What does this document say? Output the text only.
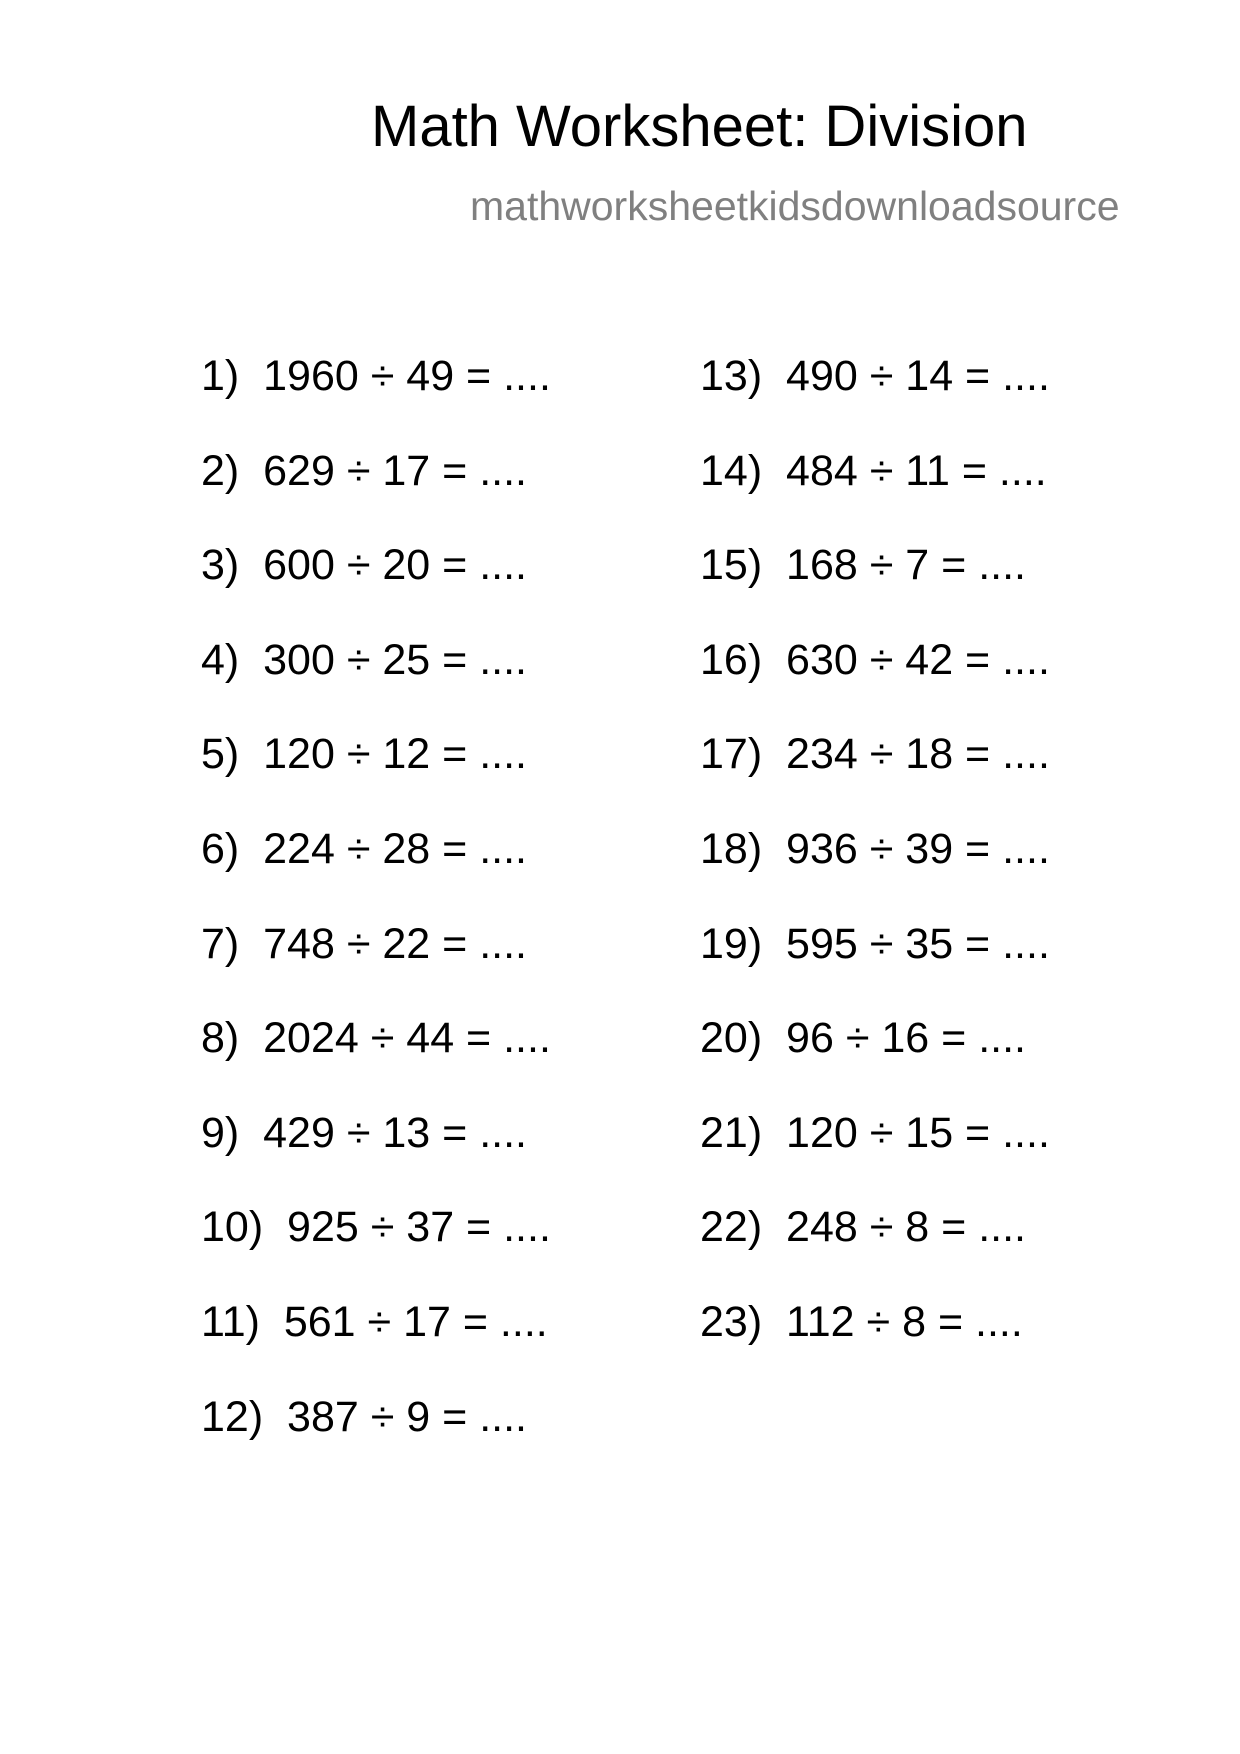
Math Worksheet: Division
mathworksheetkidsdownloadsource
1)  1960 ÷ 49 = ....
2)  629 ÷ 17 = ....
3)  600 ÷ 20 = ....
4)  300 ÷ 25 = ....
5)  120 ÷ 12 = ....
6)  224 ÷ 28 = ....
7)  748 ÷ 22 = ....
8)  2024 ÷ 44 = ....
9)  429 ÷ 13 = ....
10)  925 ÷ 37 = ....
11)  561 ÷ 17 = ....
12)  387 ÷ 9 = ....
13)  490 ÷ 14 = ....
14)  484 ÷ 11 = ....
15)  168 ÷ 7 = ....
16)  630 ÷ 42 = ....
17)  234 ÷ 18 = ....
18)  936 ÷ 39 = ....
19)  595 ÷ 35 = ....
20)  96 ÷ 16 = ....
21)  120 ÷ 15 = ....
22)  248 ÷ 8 = ....
23)  112 ÷ 8 = ....
